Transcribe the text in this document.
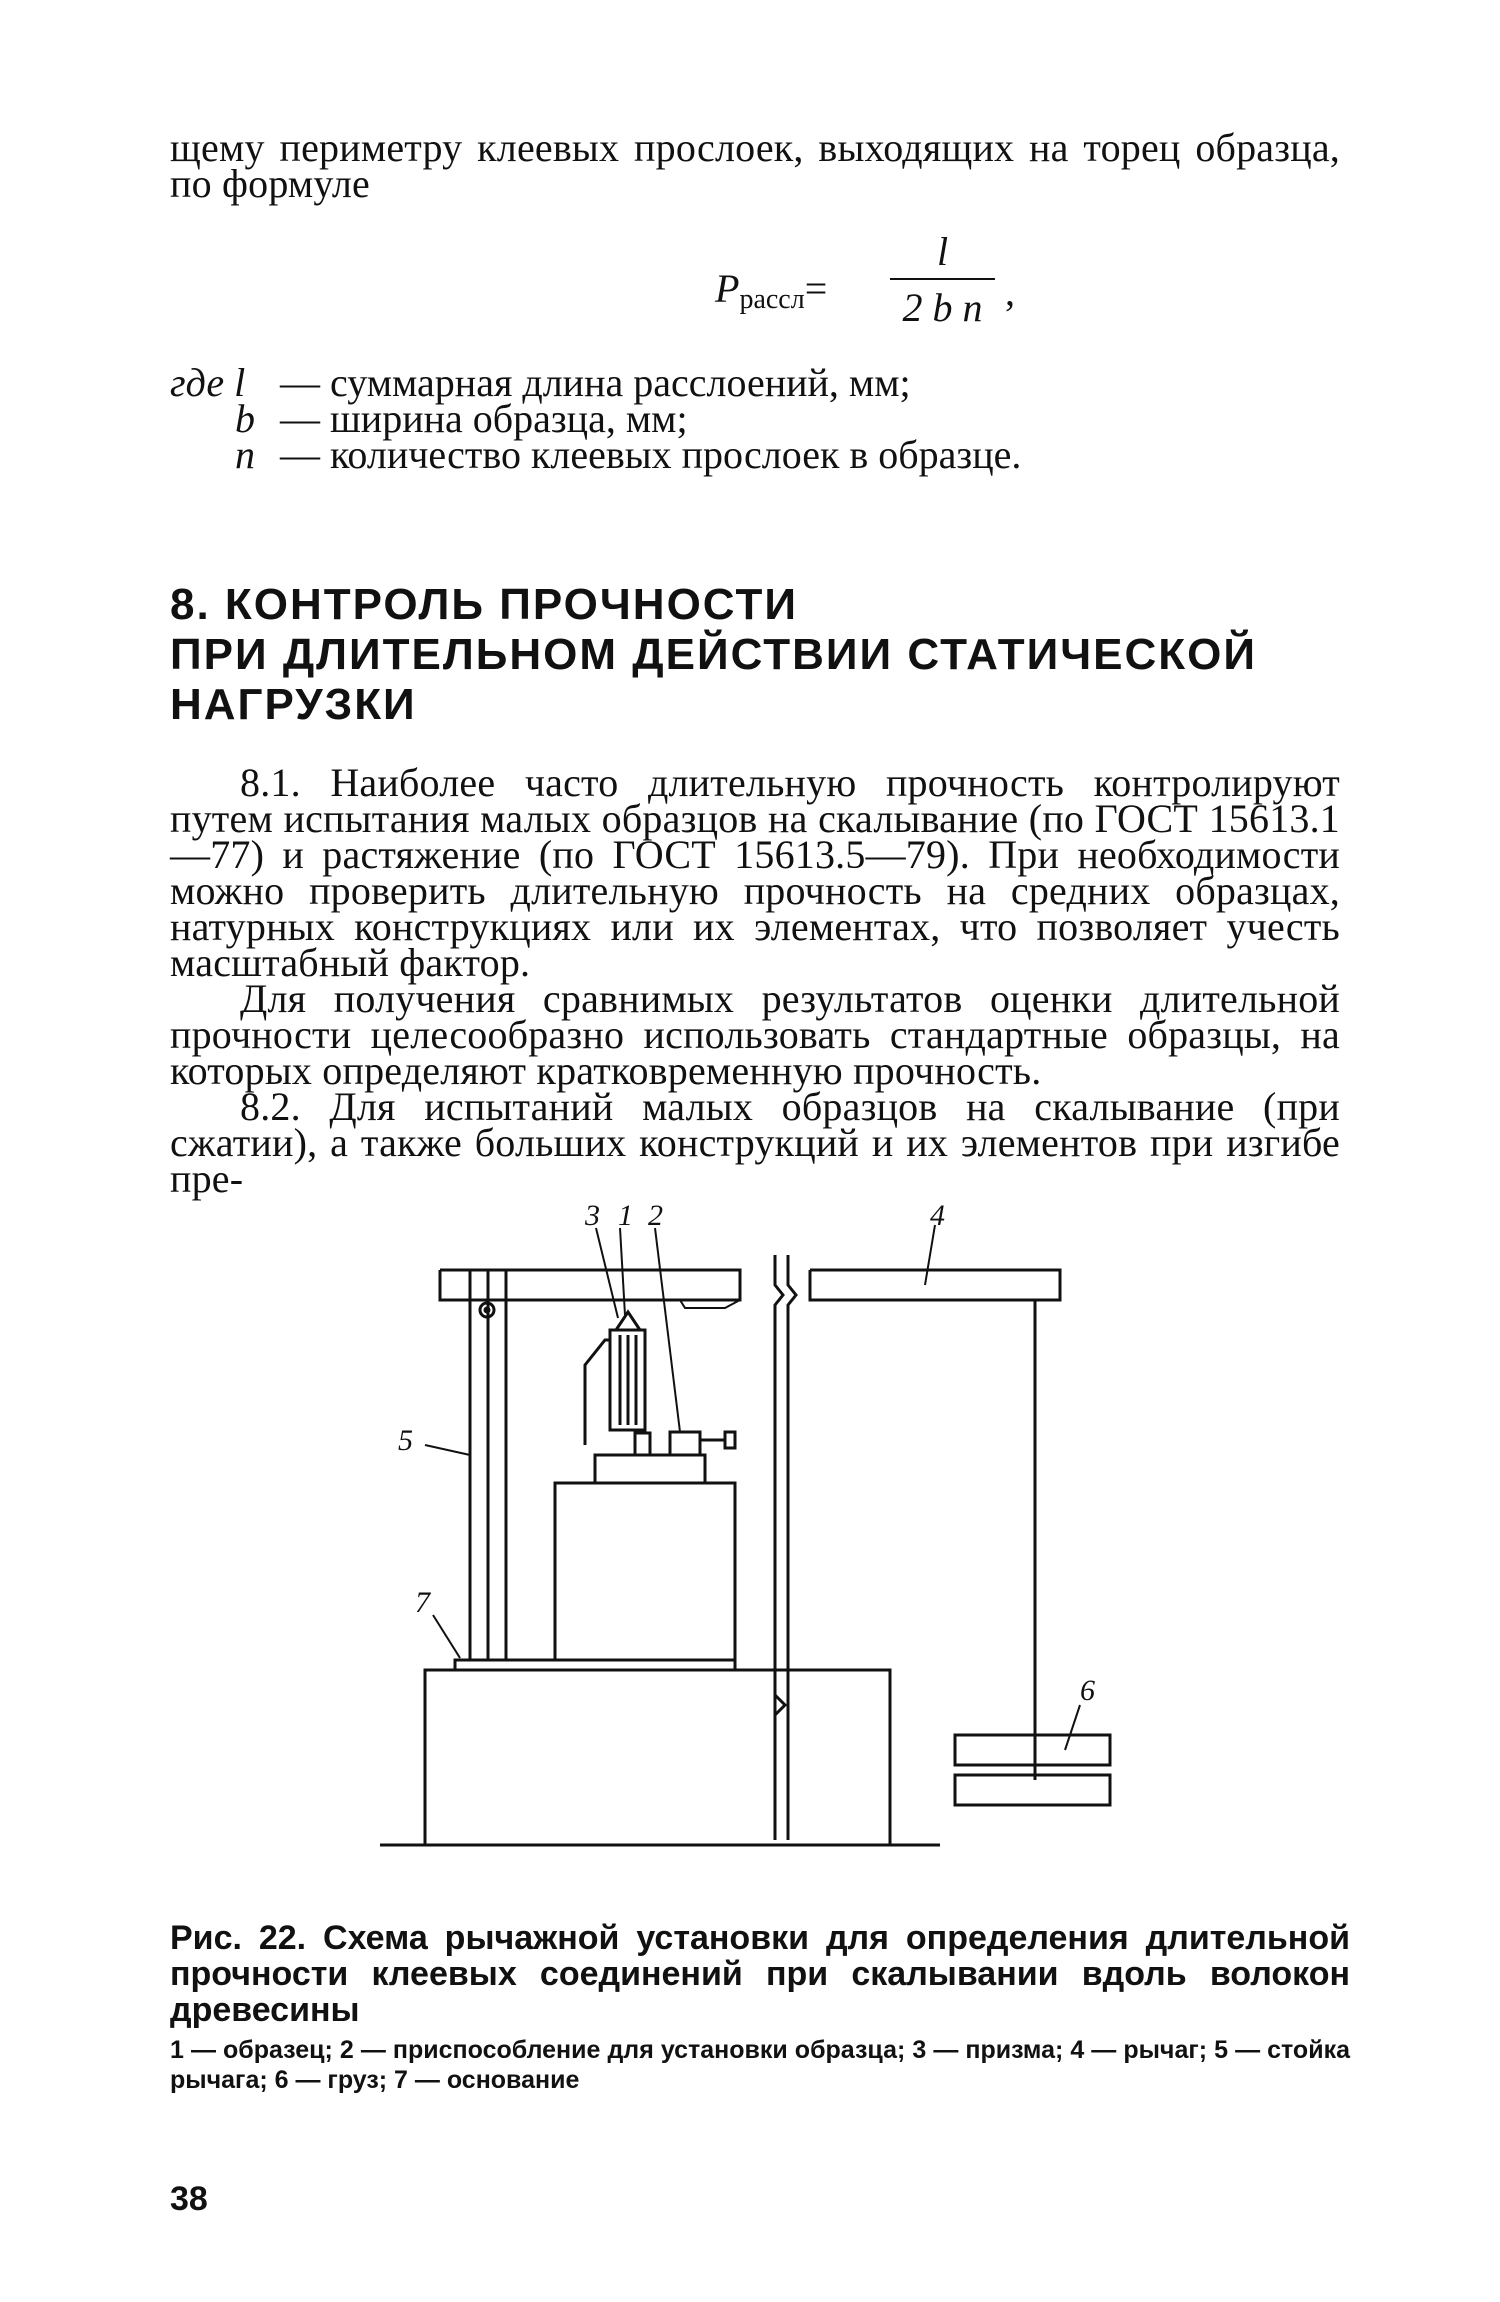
щему периметру клеевых прослоек, выходящих на торец образца, по формуле

$P_{рассл}=$
l
2 b n ,
где l — суммарная длина расслоений, мм;
b — ширина образца, мм;
n — количество клеевых прослоек в образце.
8. КОНТРОЛЬ ПРОЧНОСТИ
ПРИ ДЛИТЕЛЬНОМ ДЕЙСТВИИ СТАТИЧЕСКОЙ
НАГРУЗКИ

8.1. Наиболее часто длительную прочность контролируют путем испытания малых образцов на скалывание (по ГОСТ 15613.1—77) и растяжение (по ГОСТ 15613.5—79). При необходимости можно проверить длительную прочность на средних образцах, натурных конструкциях или их элементах, что позволяет учесть масштабный фактор.

Для получения сравнимых результатов оценки длительной прочности целесообразно использовать стандартные образцы, на которых определяют кратковременную прочность.

8.2. Для испытаний малых образцов на скалывание (при сжатии), а также больших конструкций и их элементов при изгибе пре-

3 1 2	4
5
7
6
Рис. 22. Схема рычажной установки для определения длительной прочности клеевых соединений при скалывании вдоль волокон древесины
1 — образец; 2 — приспособление для установки образца; 3 — призма; 4 — рычаг; 5 — стойка рычага; 6 — груз; 7 — основание
38
